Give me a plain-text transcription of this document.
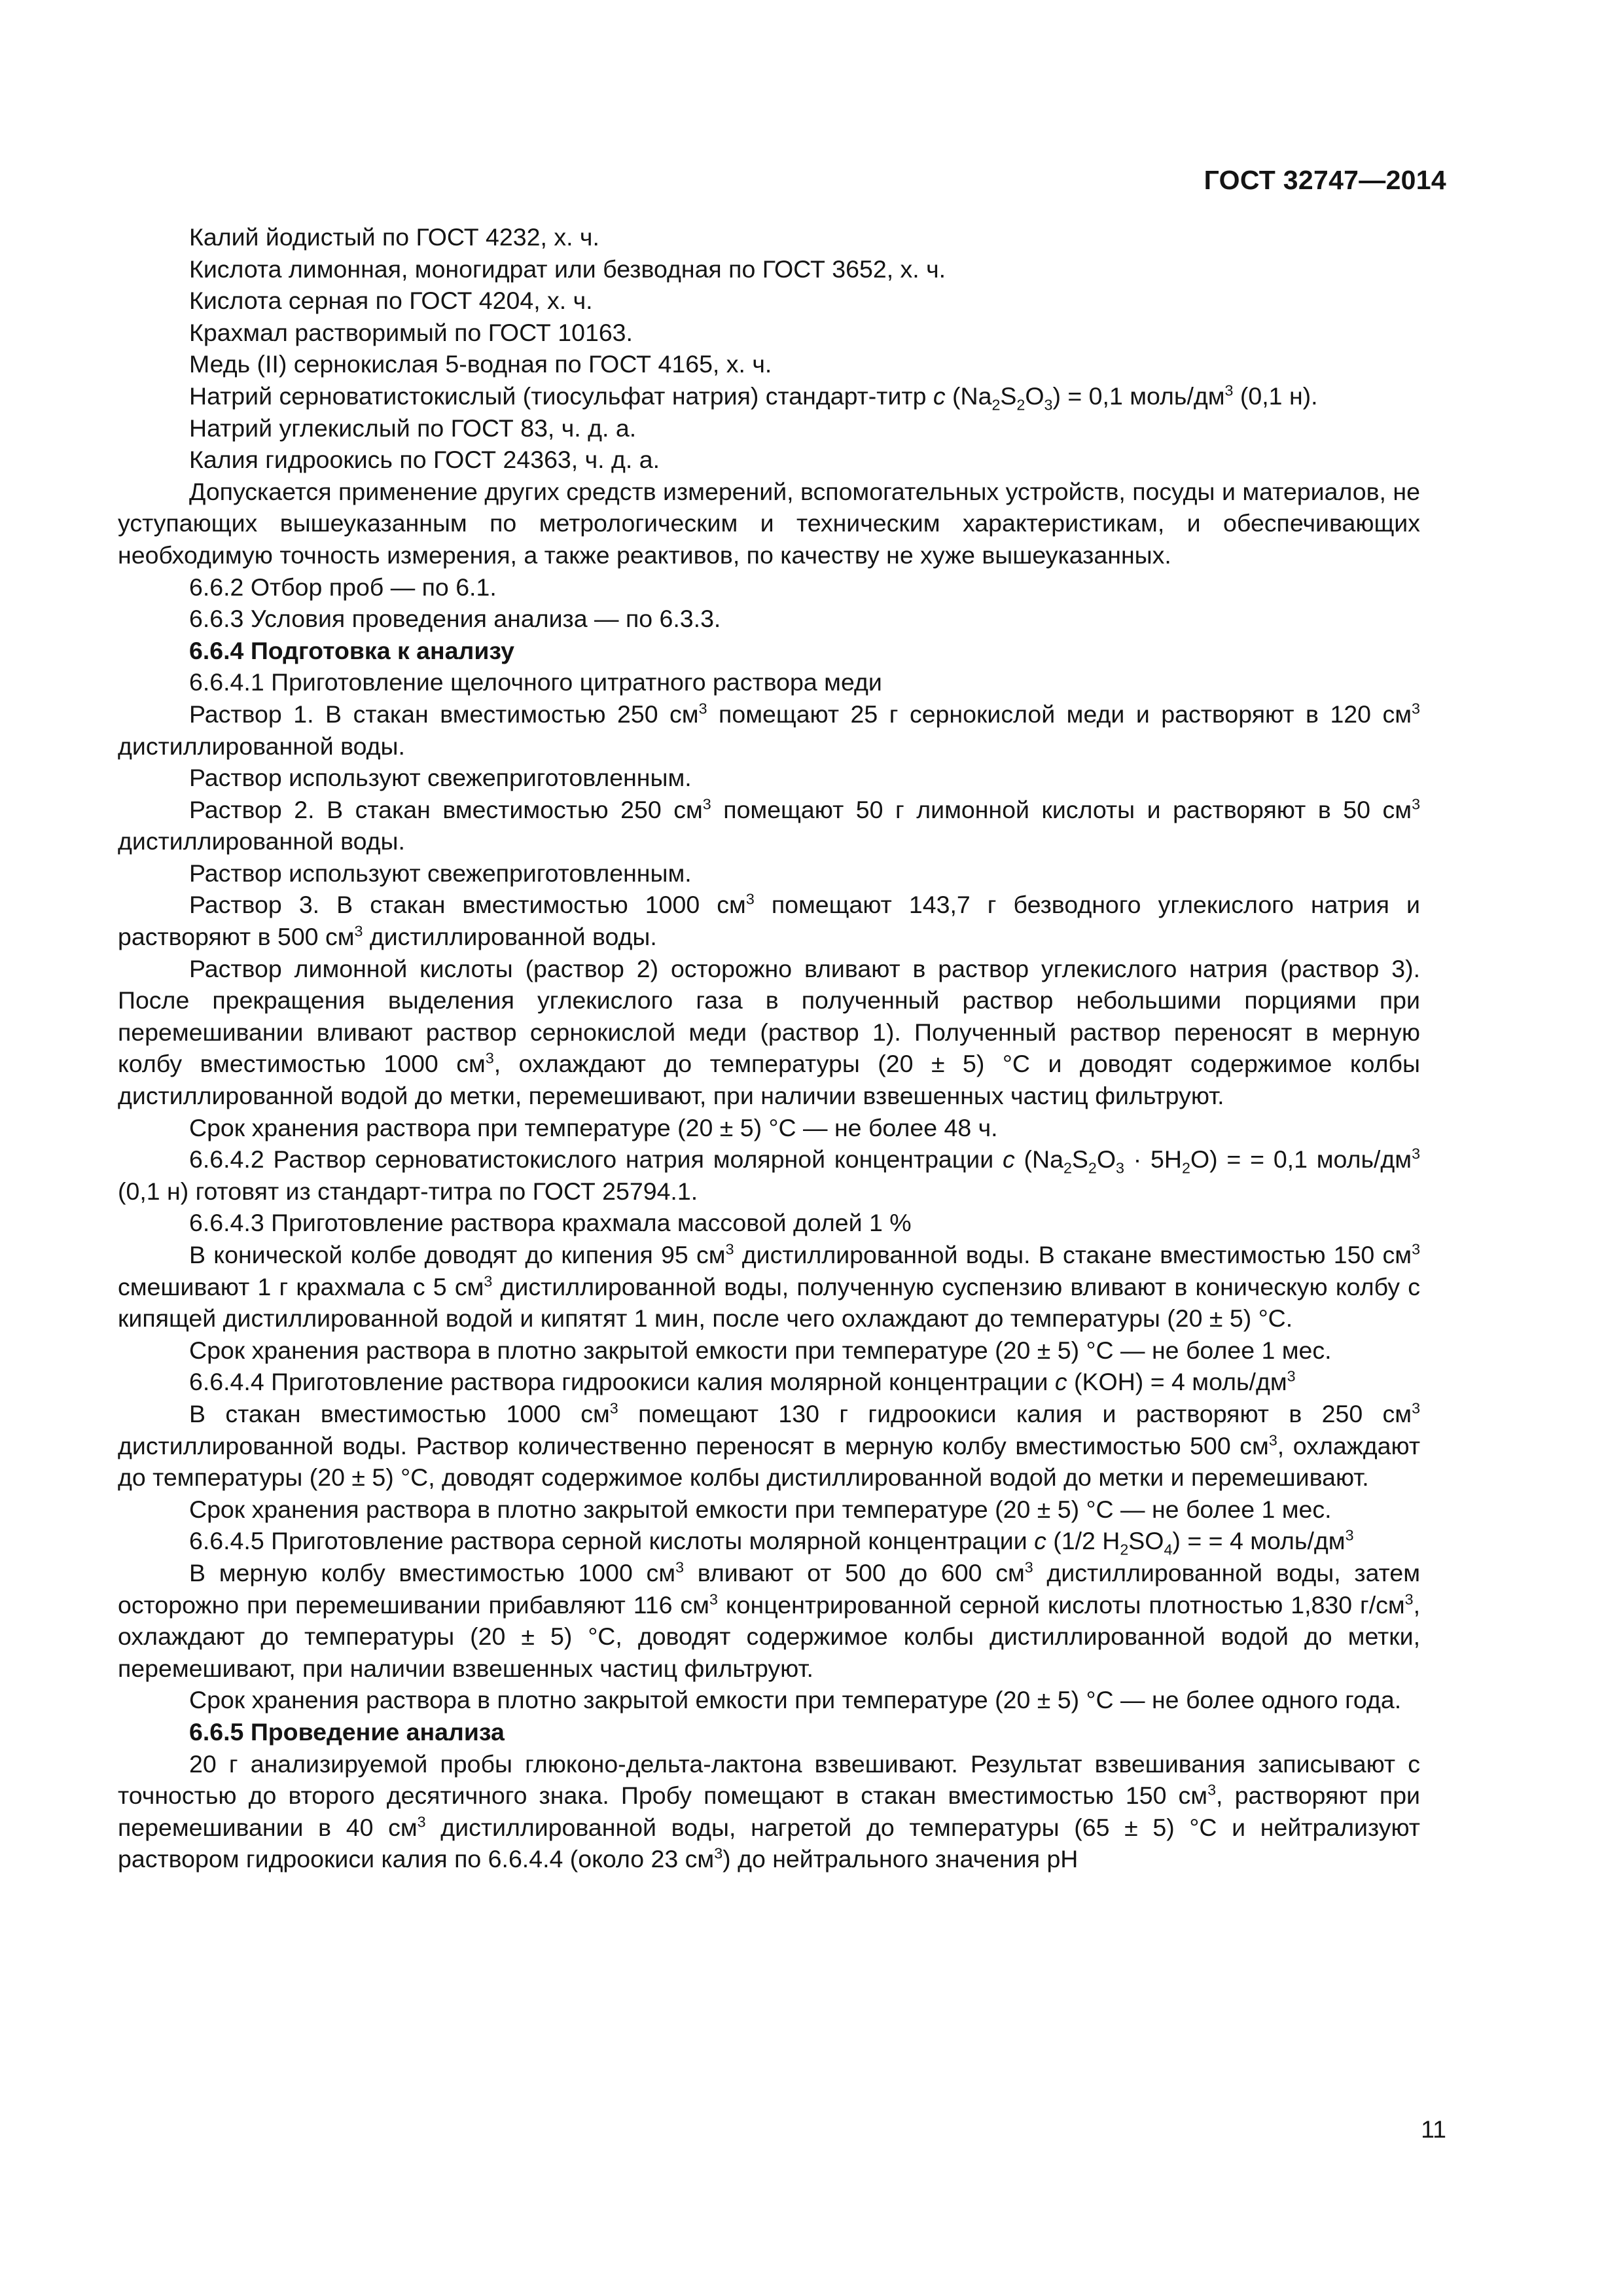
ГОСТ 32747—2014

Калий йодистый по ГОСТ 4232, х. ч.

Кислота лимонная, моногидрат или безводная по ГОСТ 3652, х. ч.

Кислота серная по ГОСТ 4204, х. ч.

Крахмал растворимый по ГОСТ 10163.

Медь (II) сернокислая 5-водная по ГОСТ 4165, х. ч.

Натрий серноватистокислый (тиосульфат натрия) стандарт-титр c $(Na_2S_2O_3) = 0,1$ моль/$дм^3$ (0,1 н).

Натрий углекислый по ГОСТ 83, ч. д. а.

Калия гидроокись по ГОСТ 24363, ч. д. а.

Допускается применение других средств измерений, вспомогательных устройств, посуды и материалов, не уступающих вышеуказанным по метрологическим и техническим характеристикам, и обеспечивающих необходимую точность измерения, а также реактивов, по качеству не хуже вышеуказанных.

6.6.2 Отбор проб — по 6.1.

6.6.3 Условия проведения анализа — по 6.3.3.

6.6.4 Подготовка к анализу

6.6.4.1 Приготовление щелочного цитратного раствора меди

Раствор 1. В стакан вместимостью 250 $см^3$ помещают 25 г сернокислой меди и растворяют в 120 $см^3$ дистиллированной воды.

Раствор используют свежеприготовленным.

Раствор 2. В стакан вместимостью 250 $см^3$ помещают 50 г лимонной кислоты и растворяют в 50 $см^3$ дистиллированной воды.

Раствор используют свежеприготовленным.

Раствор 3. В стакан вместимостью 1000 $см^3$ помещают 143,7 г безводного углекислого натрия и растворяют в 500 $см^3$ дистиллированной воды.

Раствор лимонной кислоты (раствор 2) осторожно вливают в раствор углекислого натрия (раствор 3). После прекращения выделения углекислого газа в полученный раствор небольшими порциями при перемешивании вливают раствор сернокислой меди (раствор 1). Полученный раствор переносят в мерную колбу вместимостью 1000 $см^3$, охлаждают до температуры (20 ± 5) °С и доводят содержимое колбы дистиллированной водой до метки, перемешивают, при наличии взвешенных частиц фильтруют.

Срок хранения раствора при температуре (20 ± 5) °С — не более 48 ч.

6.6.4.2 Раствор серноватистокислого натрия молярной концентрации c $(Na_2S_2O_3 \cdot 5H_2O)$ = = 0,1 моль/$дм^3$ (0,1 н) готовят из стандарт-титра по ГОСТ 25794.1.

6.6.4.3 Приготовление раствора крахмала массовой долей 1 %

В конической колбе доводят до кипения 95 $см^3$ дистиллированной воды. В стакане вместимостью 150 $см^3$ смешивают 1 г крахмала с 5 $см^3$ дистиллированной воды, полученную суспензию вливают в коническую колбу с кипящей дистиллированной водой и кипятят 1 мин, после чего охлаждают до температуры (20 ± 5) °С.

Срок хранения раствора в плотно закрытой емкости при температуре (20 ± 5) °С — не более 1 мес.

6.6.4.4 Приготовление раствора гидроокиси калия молярной концентрации c (KOH) = 4 моль/$дм^3$

В стакан вместимостью 1000 $см^3$ помещают 130 г гидроокиси калия и растворяют в 250 $см^3$ дистиллированной воды. Раствор количественно переносят в мерную колбу вместимостью 500 $см^3$, охлаждают до температуры (20 ± 5) °С, доводят содержимое колбы дистиллированной водой до метки и перемешивают.

Срок хранения раствора в плотно закрытой емкости при температуре (20 ± 5) °С — не более 1 мес.

6.6.4.5 Приготовление раствора серной кислоты молярной концентрации c (1/2 $H_2SO_4$) = = 4 моль/$дм^3$

В мерную колбу вместимостью 1000 $см^3$ вливают от 500 до 600 $см^3$ дистиллированной воды, затем осторожно при перемешивании прибавляют 116 $см^3$ концентрированной серной кислоты плотностью 1,830 $г/см^3$, охлаждают до температуры (20 ± 5) °С, доводят содержимое колбы дистиллированной водой до метки, перемешивают, при наличии взвешенных частиц фильтруют.

Срок хранения раствора в плотно закрытой емкости при температуре (20 ± 5) °С — не более одного года.

6.6.5 Проведение анализа

20 г анализируемой пробы глюконо-дельта-лактона взвешивают. Результат взвешивания записывают с точностью до второго десятичного знака. Пробу помещают в стакан вместимостью 150 $см^3$, растворяют при перемешивании в 40 $см^3$ дистиллированной воды, нагретой до температуры (65 ± 5) °С и нейтрализуют раствором гидроокиси калия по 6.6.4.4 (около 23 $см^3$) до нейтрального значения pH

11
